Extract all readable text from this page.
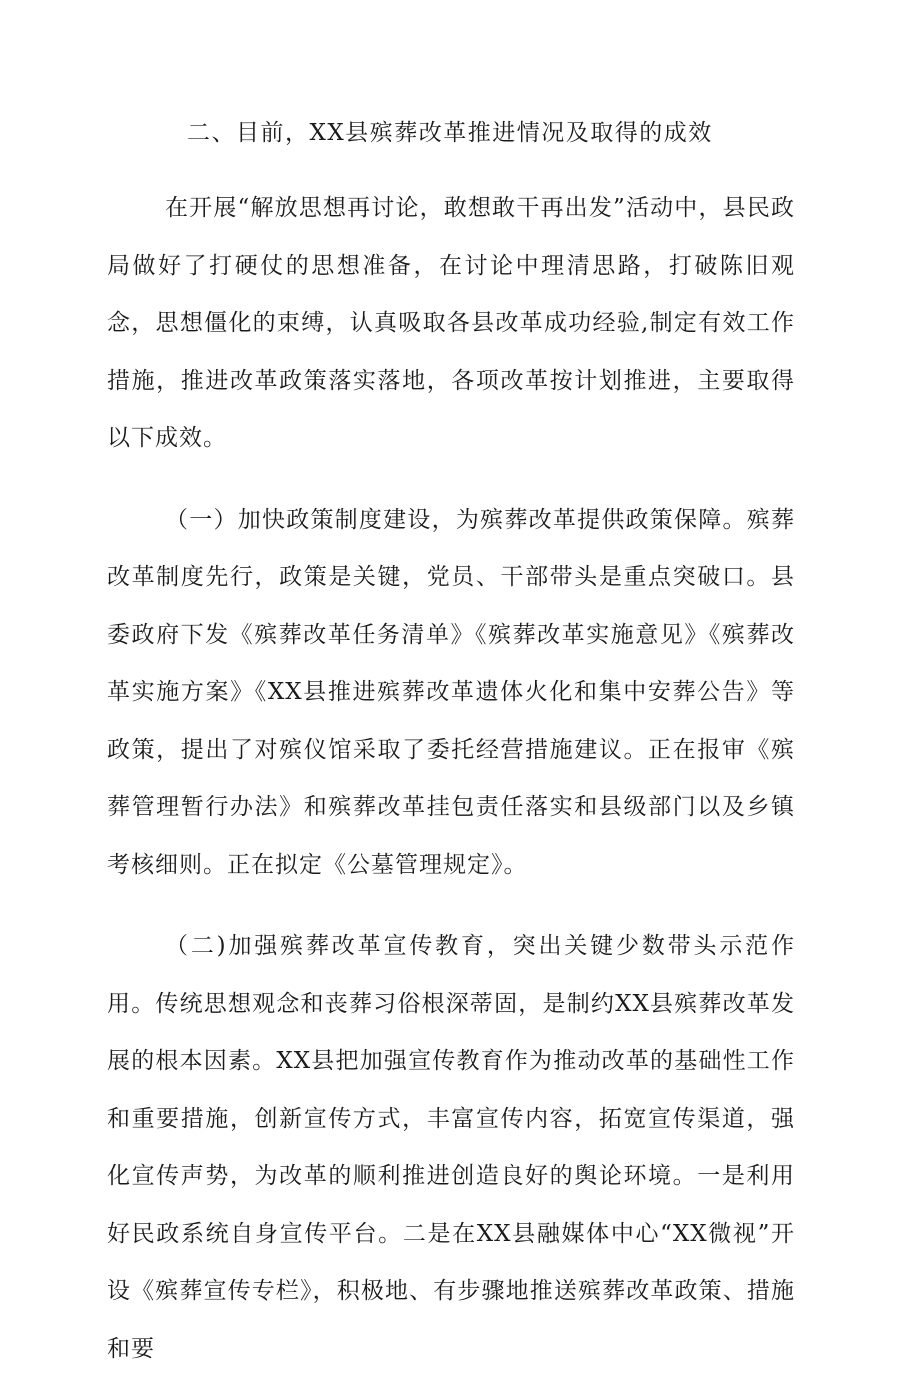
二、目前，XX县殡葬改革推进情况及取得的成效

在开展“解放思想再讨论，敢想敢干再出发”活动中，县民政局做好了打硬仗的思想准备，在讨论中理清思路，打破陈旧观念，思想僵化的束缚，认真吸取各县改革成功经验,制定有效工作措施，推进改革政策落实落地，各项改革按计划推进，主要取得以下成效。

（一）加快政策制度建设，为殡葬改革提供政策保障。殡葬改革制度先行，政策是关键，党员、干部带头是重点突破口。县委政府下发《殡葬改革任务清单》《殡葬改革实施意见》《殡葬改革实施方案》《XX县推进殡葬改革遗体火化和集中安葬公告》等政策，提出了对殡仪馆采取了委托经营措施建议。正在报审《殡葬管理暂行办法》和殡葬改革挂包责任落实和县级部门以及乡镇考核细则。正在拟定《公墓管理规定》。

（二)加强殡葬改革宣传教育，突出关键少数带头示范作用。传统思想观念和丧葬习俗根深蒂固，是制约XX县殡葬改革发展的根本因素。XX县把加强宣传教育作为推动改革的基础性工作和重要措施，创新宣传方式，丰富宣传内容，拓宽宣传渠道，强化宣传声势，为改革的顺利推进创造良好的舆论环境。一是利用好民政系统自身宣传平台。二是在XX县融媒体中心“XX微视”开设《殡葬宣传专栏》，积极地、有步骤地推送殡葬改革政策、措施和要
